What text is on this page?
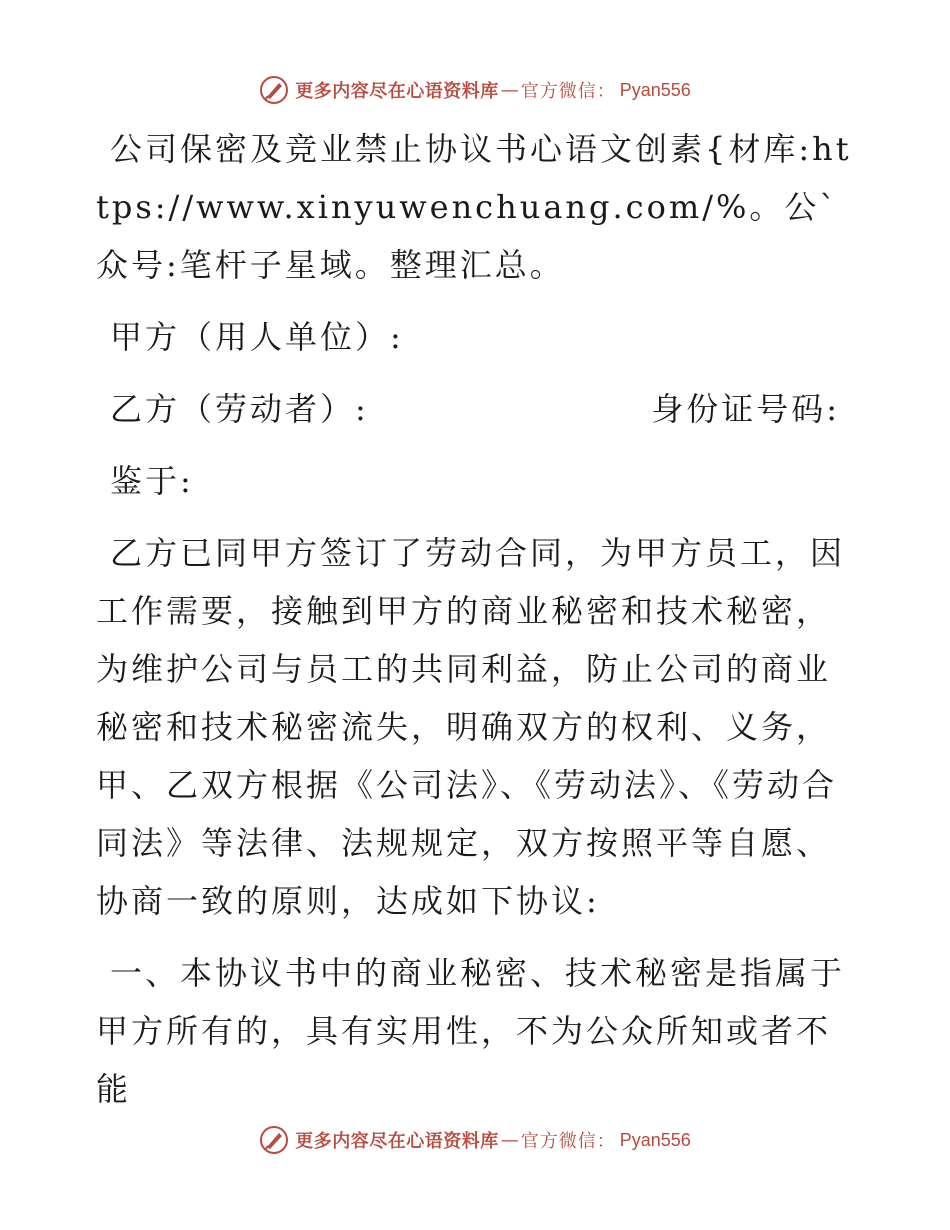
更多内容尽在心语资料库 — 官方微信： Pyan556

公司保密及竞业禁止协议书心语文创素{材库:https://www.xinyuwenchuang.com/%。公`众号:笔杆子星域。整理汇总。

甲方（用人单位）:

乙方（劳动者）:	身份证号码:

鉴于:

乙方已同甲方签订了劳动合同，为甲方员工，因工作需要，接触到甲方的商业秘密和技术秘密，为维护公司与员工的共同利益，防止公司的商业秘密和技术秘密流失，明确双方的权利、义务，甲、乙双方根据《公司法》、《劳动法》、《劳动合同法》等法律、法规规定，双方按照平等自愿、协商一致的原则，达成如下协议:

一、本协议书中的商业秘密、技术秘密是指属于甲方所有的，具有实用性，不为公众所知或者不能

更多内容尽在心语资料库 — 官方微信： Pyan556
